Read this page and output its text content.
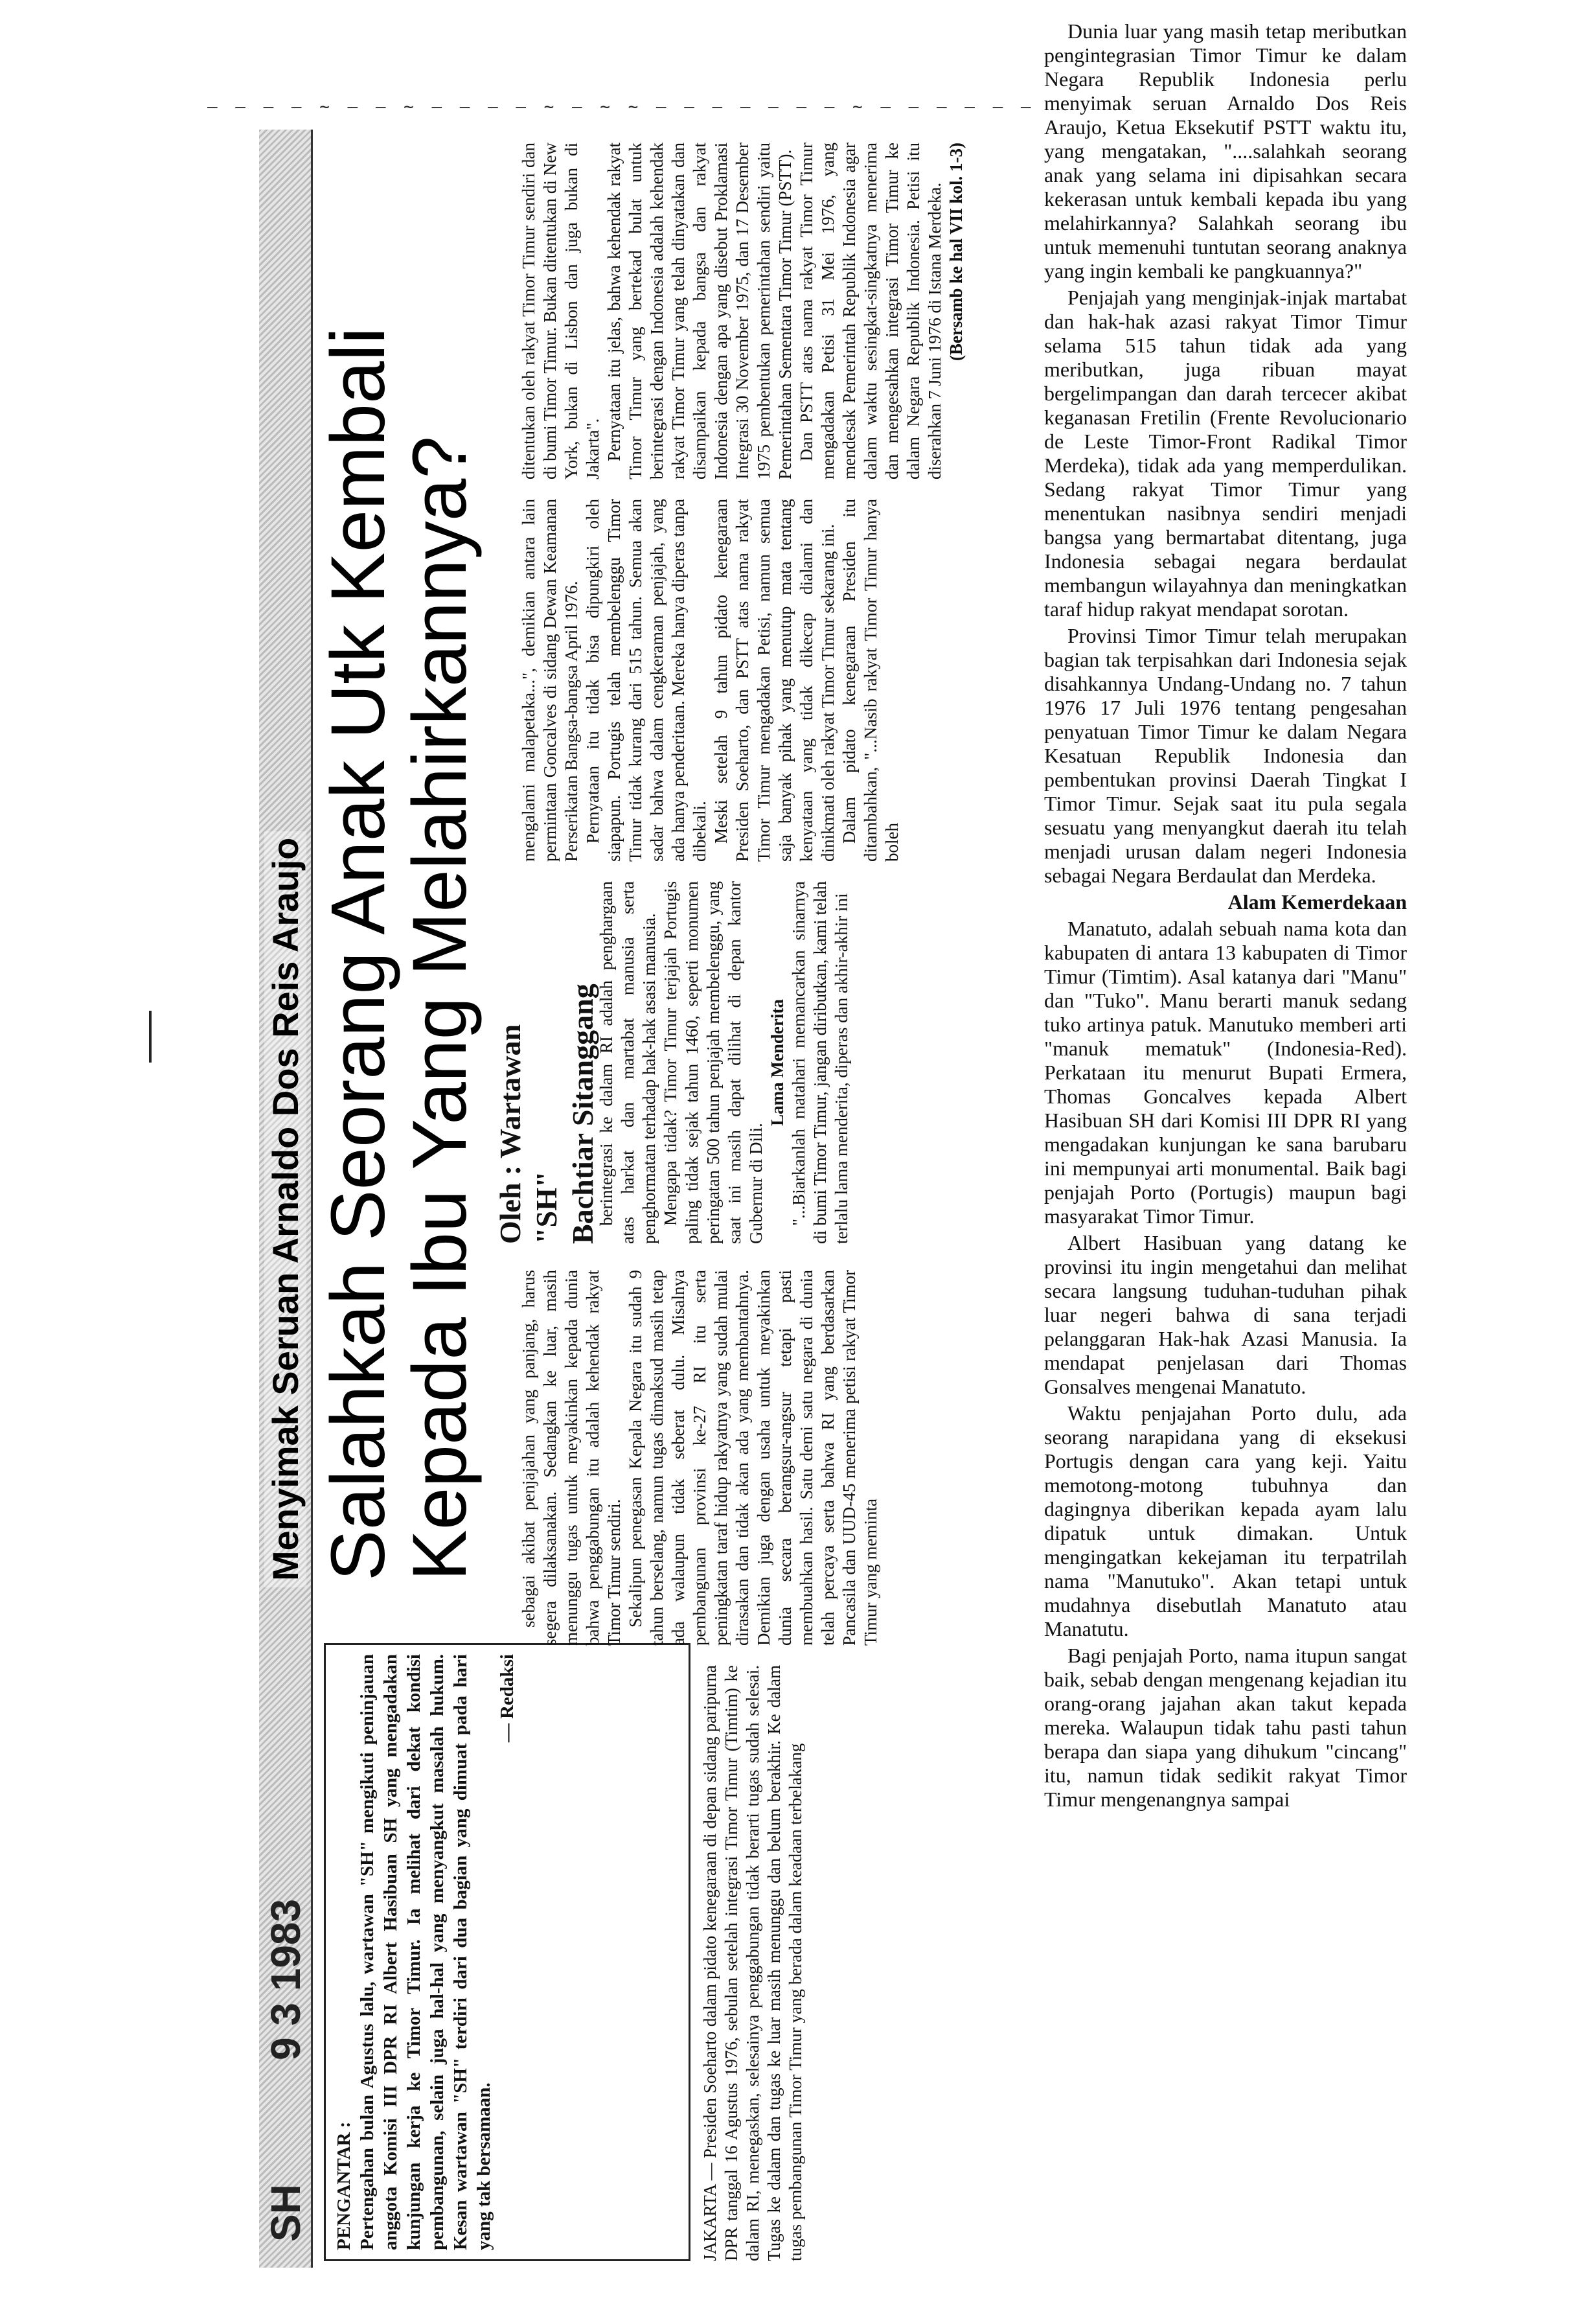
— — — — ~ — — ~ — — — — ~ — ~ ~ — — — — — — — ~ — — — — — —
SH
9 3 1983
Menyimak Seruan Arnaldo Dos Reis Araujo Salahkah Seorang Anak Utk Kembali
Kepada Ibu Yang Melahirkannya?
PENGANTAR : Pertengahan bulan Agustus lalu, wartawan "SH" mengikuti peninjauan anggota Komisi III DPR RI Albert Hasibuan SH yang mengadakan kunjungan kerja ke Timor Timur. Ia melihat dari dekat kondisi pembangunan, selain juga hal-hal yang menyangkut masalah hukum. Kesan wartawan "SH" terdiri dari dua bagian yang dimuat pada hari yang tak bersamaan.
— Redaksi	JAKARTA — Presiden Soeharto dalam pidato kenegaraan di depan sidang paripurna DPR tanggal 16 Agustus 1976, sebulan setelah integrasi Timor Timur (Timtim) ke dalam RI, menegaskan, selesainya penggabungan tidak berarti tugas sudah selesai. Tugas ke dalam dan tugas ke luar masih menunggu dan belum berakhir. Ke dalam tugas pembangunan Timor Timur yang berada dalam keadaan terbelakang

sebagai akibat penjajahan yang panjang, harus segera dilaksanakan. Sedangkan ke luar, masih menunggu tugas untuk meyakinkan kepada dunia bahwa penggabungan itu adalah kehendak rakyat Timor Timur sendiri. Sekalipun penegasan Kepala Negara itu sudah 9 tahun berselang, namun tugas dimaksud masih tetap ada walaupun tidak seberat dulu. Misalnya pembangunan provinsi ke-27 RI itu serta peningkatan taraf hidup rakyatnya yang sudah mulai dirasakan dan tidak akan ada yang membantahnya. Demikian juga dengan usaha untuk meyakinkan dunia secara berangsur-angsur tetapi pasti membuahkan hasil. Satu demi satu negara di dunia telah percaya serta bahwa RI yang berdasarkan Pancasila dan UUD-45 menerima petisi rakyat Timor Timur yang meminta

Oleh : Wartawan "SH" Bachtiar Sitanggang

berintegrasi ke dalam RI adalah penghargaan atas harkat dan martabat manusia serta penghormatan terhadap hak-hak asasi manusia. Mengapa tidak? Timor Timur terjajah Portugis paling tidak sejak tahun 1460, seperti monumen peringatan 500 tahun penjajah membelenggu, yang saat ini masih dapat dilihat di depan kantor Gubernur di Dili.

Lama Menderita "...Biarkanlah matahari memancarkan sinarnya di bumi Timor Timur, jangan diributkan, kami telah terlalu lama menderita, diperas dan akhir-akhir ini

mengalami malapetaka...", demikian antara lain permintaan Goncalves di sidang Dewan Keamanan Perserikatan Bangsa-bangsa April 1976. Pernyataan itu tidak bisa dipungkiri oleh siapapun. Portugis telah membelenggu Timor Timur tidak kurang dari 515 tahun. Semua akan sadar bahwa dalam cengkeraman penjajah, yang ada hanya penderitaan. Mereka hanya diperas tanpa dibekali. Meski setelah 9 tahun pidato kenegaraan Presiden Soeharto, dan PSTT atas nama rakyat Timor Timur mengadakan Petisi, namun semua saja banyak pihak yang menutup mata tentang kenyataan yang tidak dikecap dialami dan dinikmati oleh rakyat Timor Timur sekarang ini. Dalam pidato kenegaraan Presiden itu ditambahkan, "...Nasib rakyat Timor Timur hanya boleh

ditentukan oleh rakyat Timor Timur sendiri dan di bumi Timor Timur. Bukan ditentukan di New York, bukan di Lisbon dan juga bukan di Jakarta". Pernyataan itu jelas, bahwa kehendak rakyat Timor Timur yang bertekad bulat untuk berintegrasi dengan Indonesia adalah kehendak rakyat Timor Timur yang telah dinyatakan dan disampaikan kepada bangsa dan rakyat Indonesia dengan apa yang disebut Proklamasi Integrasi 30 November 1975, dan 17 Desember 1975 pembentukan pemerintahan sendiri yaitu Pemerintahan Sementara Timor Timur (PSTT). Dan PSTT atas nama rakyat Timor Timur mengadakan Petisi 31 Mei 1976, yang mendesak Pemerintah Republik Indonesia agar dalam waktu sesingkat-singkatnya menerima dan mengesahkan integrasi Timor Timur ke dalam Negara Republik Indonesia. Petisi itu diserahkan 7 Juni 1976 di Istana Merdeka. (Bersamb ke hal VII kol. 1-3)

Dunia luar yang masih tetap meributkan pengintegrasian Timor Timur ke dalam Negara Republik Indonesia perlu menyimak seruan Arnaldo Dos Reis Araujo, Ketua Eksekutif PSTT waktu itu, yang mengatakan, "....salahkah seorang anak yang selama ini dipisahkan secara kekerasan untuk kembali kepada ibu yang melahirkannya? Salahkah seorang ibu untuk memenuhi tuntutan seorang anaknya yang ingin kembali ke pangkuannya?"

Penjajah yang menginjak-injak martabat dan hak-hak azasi rakyat Timor Timur selama 515 tahun tidak ada yang meributkan, juga ribuan mayat bergelimpangan dan darah tercecer akibat keganasan Fretilin (Frente Revolucionario de Leste Timor-Front Radikal Timor Merdeka), tidak ada yang memperdulikan. Sedang rakyat Timor Timur yang menentukan nasibnya sendiri menjadi bangsa yang bermartabat ditentang, juga Indonesia sebagai negara berdaulat membangun wilayahnya dan meningkatkan taraf hidup rakyat mendapat sorotan.

Provinsi Timor Timur telah merupakan bagian tak terpisahkan dari Indonesia sejak disahkannya Undang-Undang no. 7 tahun 1976 17 Juli 1976 tentang pengesahan penyatuan Timor Timur ke dalam Negara Kesatuan Republik Indonesia dan pembentukan provinsi Daerah Tingkat I Timor Timur. Sejak saat itu pula segala sesuatu yang menyangkut daerah itu telah menjadi urusan dalam negeri Indonesia sebagai Negara Berdaulat dan Merdeka.

Alam Kemerdekaan

Manatuto, adalah sebuah nama kota dan kabupaten di antara 13 kabupaten di Timor Timur (Timtim). Asal katanya dari "Manu" dan "Tuko". Manu berarti manuk sedang tuko artinya patuk. Manutuko memberi arti "manuk mematuk" (Indonesia-Red). Perkataan itu menurut Bupati Ermera, Thomas Goncalves kepada Albert Hasibuan SH dari Komisi III DPR RI yang mengadakan kunjungan ke sana barubaru ini mempunyai arti monumental. Baik bagi penjajah Porto (Portugis) maupun bagi masyarakat Timor Timur.

Albert Hasibuan yang datang ke provinsi itu ingin mengetahui dan melihat secara langsung tuduhan-tuduhan pihak luar negeri bahwa di sana terjadi pelanggaran Hak-hak Azasi Manusia. Ia mendapat penjelasan dari Thomas Gonsalves mengenai Manatuto.

Waktu penjajahan Porto dulu, ada seorang narapidana yang di eksekusi Portugis dengan cara yang keji. Yaitu memotong-motong tubuhnya dan dagingnya diberikan kepada ayam lalu dipatuk untuk dimakan. Untuk mengingatkan kekejaman itu terpatrilah nama "Manutuko". Akan tetapi untuk mudahnya disebutlah Manatuto atau Manatutu.

Bagi penjajah Porto, nama itupun sangat baik, sebab dengan mengenang kejadian itu orang-orang jajahan akan takut kepada mereka. Walaupun tidak tahu pasti tahun berapa dan siapa yang dihukum "cincang" itu, namun tidak sedikit rakyat Timor Timur mengenangnya sampai
